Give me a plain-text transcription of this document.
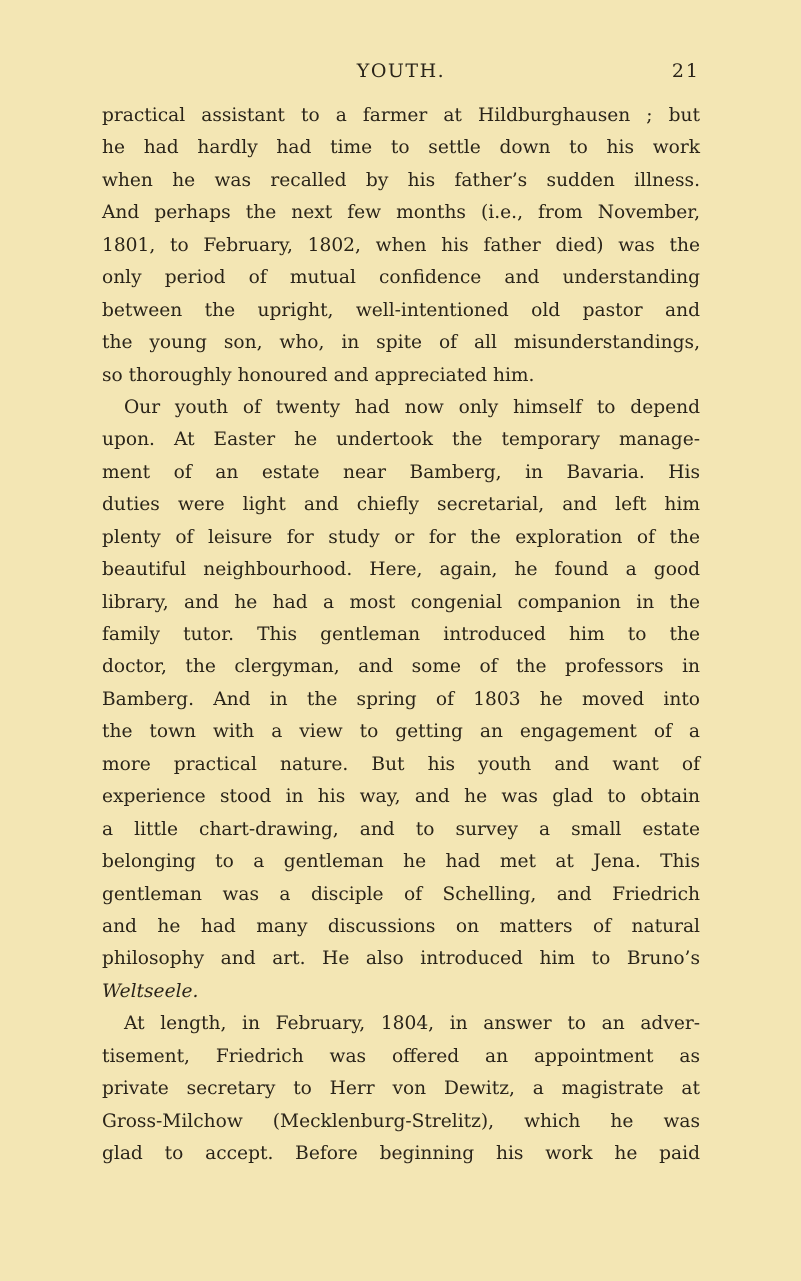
YOUTH.	21
practical assistant to a farmer at Hildburghausen ; but
he had hardly had time to settle down to his work
when he was recalled by his father’s sudden illness.
And perhaps the next few months (i.e., from November,
1801, to February, 1802, when his father died) was the
only period of mutual confidence and understanding
between the upright, well-intentioned old pastor and
the young son, who, in spite of all misunderstandings,
so thoroughly honoured and appreciated him.
Our youth of twenty had now only himself to depend
upon. At Easter he undertook the temporary manage-
ment of an estate near Bamberg, in Bavaria. His
duties were light and chiefly secretarial, and left him
plenty of leisure for study or for the exploration of the
beautiful neighbourhood. Here, again, he found a good
library, and he had a most congenial companion in the
family tutor. This gentleman introduced him to the
doctor, the clergyman, and some of the professors in
Bamberg. And in the spring of 1803 he moved into
the town with a view to getting an engagement of a
more practical nature. But his youth and want of
experience stood in his way, and he was glad to obtain
a little chart-drawing, and to survey a small estate
belonging to a gentleman he had met at Jena. This
gentleman was a disciple of Schelling, and Friedrich
and he had many discussions on matters of natural
philosophy and art. He also introduced him to Bruno’s
Weltseele.
At length, in February, 1804, in answer to an adver-
tisement, Friedrich was offered an appointment as
private secretary to Herr von Dewitz, a magistrate at
Gross-Milchow (Mecklenburg-Strelitz), which he was
glad to accept. Before beginning his work he paid
